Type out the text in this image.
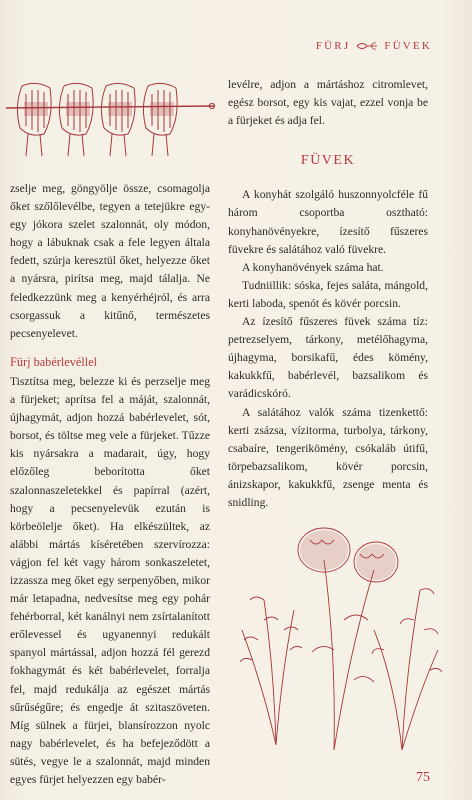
FÜRJ	FÜVEK

zselje meg, göngyölje össze, csomagolja őket szőlőlevélbe, tegyen a tetejükre egy-egy jókora szelet szalonnát, oly módon, hogy a lábuknak csak a fele legyen általa fedett, szúrja keresztül őket, helyezze őket a nyársra, pirítsa meg, majd tálalja. Ne feledkezzünk meg a kenyérhéjról, és arra csorgassuk a kitűnő, természetes pecsenyelevet.

Fürj babérlevéllel

Tisztítsa meg, belezze ki és perzselje meg a fürjeket; aprítsa fel a máját, szalonnát, újhagymát, adjon hozzá babérlevelet, sót, borsot, és töltse meg vele a fürjeket. Tűzze kis nyársakra a madarait, úgy, hogy előzőleg beborította őket szalonnaszeletekkel és papírral (azért, hogy a pecsenyelevük ezután is körbeölelje őket). Ha elkészültek, az alábbi mártás kíséretében szervírozza: vágjon fel két vagy három sonkaszeletet, izzassza meg őket egy serpenyőben, mikor már letapadna, nedvesítse meg egy pohár fehérborral, két kanálnyi nem zsírtalanított erőlevessel és ugyanennyi redukált spanyol mártással, adjon hozzá fél gerezd fokhagymát és két babérlevelet, forralja fel, majd redukálja az egészet mártás sűrűségűre; és engedje át szitaszöveten. Míg sülnek a fürjei, blansírozzon nyolc nagy babérlevelet, és ha befejeződött a sütés, vegye le a szalonnát, majd minden egyes fürjet helyezzen egy babér-

levélre, adjon a mártáshoz citromlevet, egész borsot, egy kis vajat, ezzel vonja be a fürjeket és adja fel.

FÜVEK

A konyhát szolgáló huszonnyolcféle fű három csoportba osztható: konyhanövényekre, ízesítő fűszeres füvekre és salátához való füvekre.

A konyhanövények száma hat.

Tudniillik: sóska, fejes saláta, mángold, kerti laboda, spenót és kövér porcsin.

Az ízesítő fűszeres füvek száma tíz: petrezselyem, tárkony, metélőhagyma, újhagyma, borsikafű, édes kömény, kakukkfű, babérlevél, bazsalikom és varádicskóró.

A salátához valók száma tizenkettő: kerti zsázsa, vízitorma, turbolya, tárkony, csabaíre, tengerikömény, csókaláb útifű, törpebazsalikom, kövér porcsin, ánizskapor, kakukkfű, zsenge menta és snidling.

75
